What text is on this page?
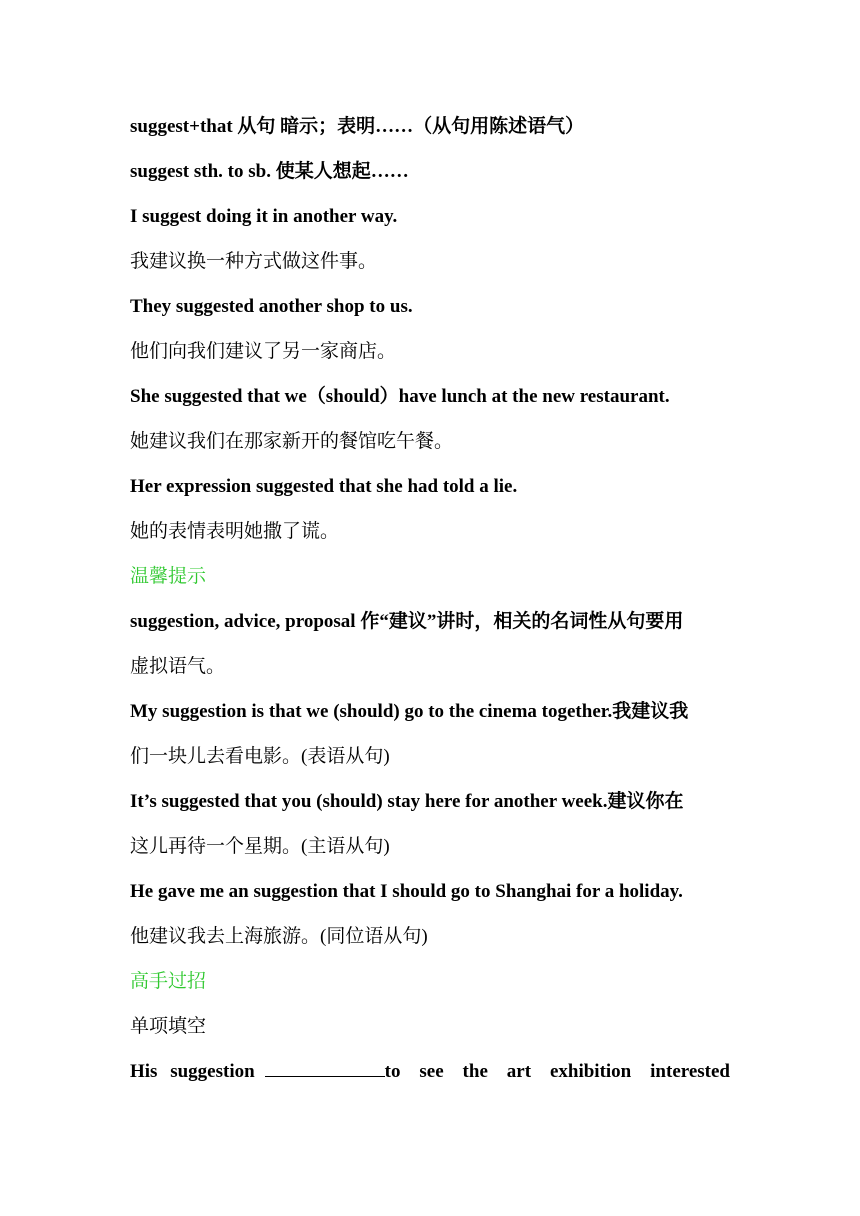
suggest+that 从句 暗示；表明……（从句用陈述语气）
suggest sth. to sb. 使某人想起……
I suggest doing it in another way.
我建议换一种方式做这件事。
They suggested another shop to us.
他们向我们建议了另一家商店。
She suggested that we（should）have lunch at the new restaurant.
她建议我们在那家新开的餐馆吃午餐。
Her expression suggested that she had told a lie.
她的表情表明她撒了谎。
温馨提示
suggestion, advice, proposal 作“建议”讲时，相关的名词性从句要用
虚拟语气。
My suggestion is that we (should) go to the cinema together.我建议我
们一块儿去看电影。(表语从句)
It’s suggested that you (should) stay here for another week.建议你在
这儿再待一个星期。(主语从句)
He gave me an suggestion that I should go to Shanghai for a holiday.
他建议我去上海旅游。(同位语从句)
高手过招
单项填空
His suggestion	to see the art exhibition interested
